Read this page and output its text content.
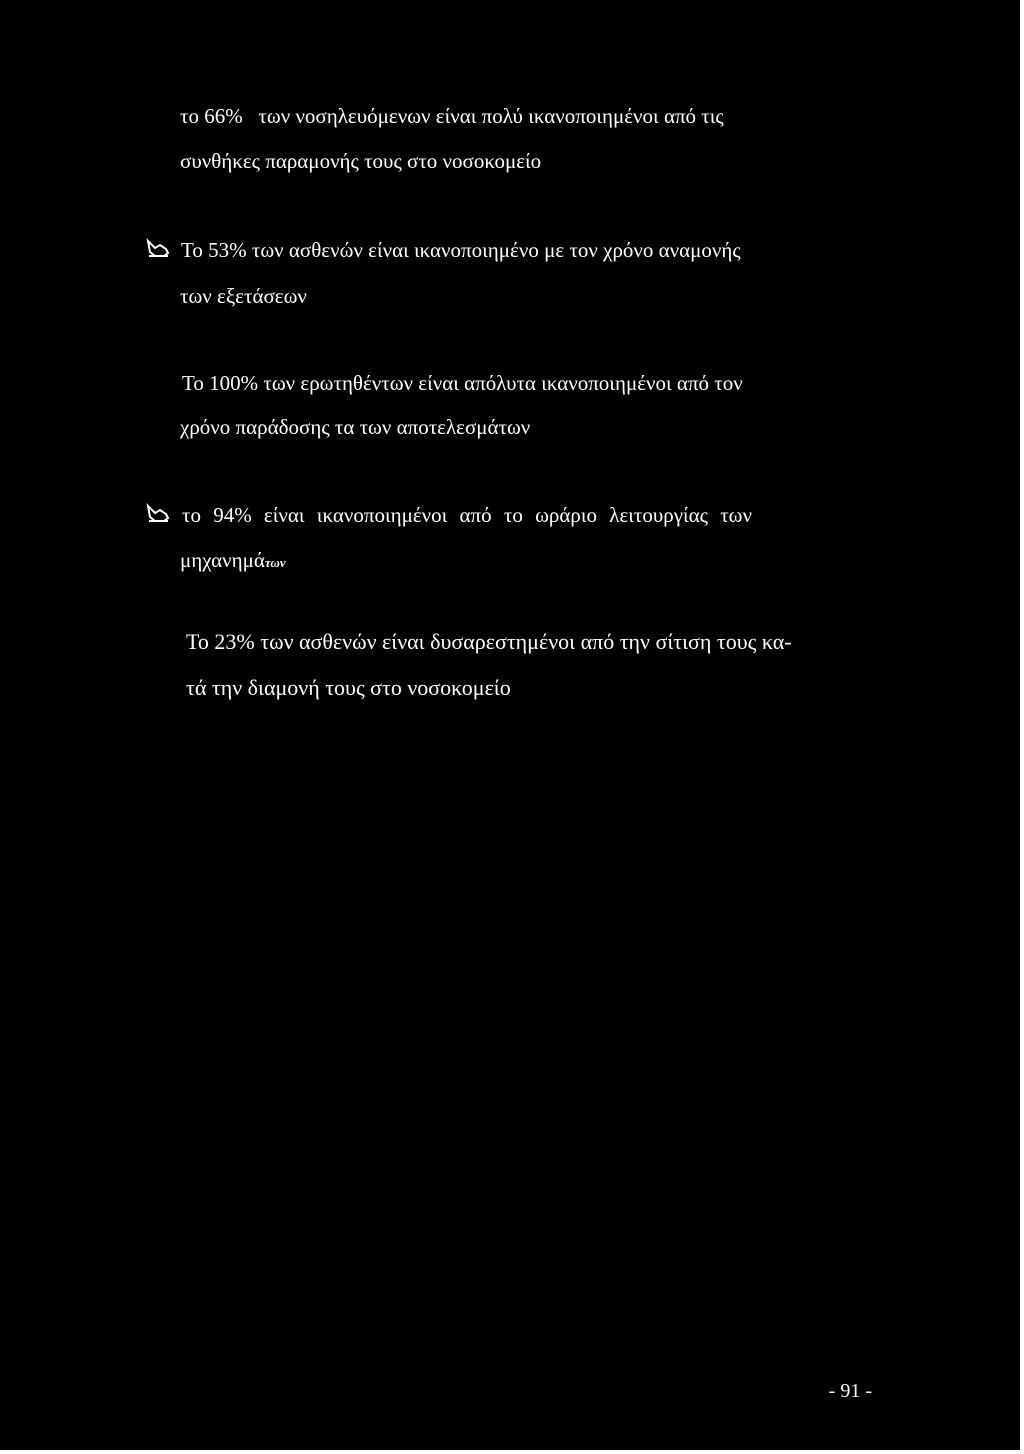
το 66%   των νοσηλευόμενων είναι πολύ ικανοποιημένοι από τις
συνθήκες παραμονής τους στο νοσοκομείο
Το 53% των ασθενών είναι ικανοποιημένο με τον χρόνο αναμονής
των εξετάσεων
Το 100% των ερωτηθέντων είναι απόλυτα ικανοποιημένοι από τον
χρόνο παράδοσης τα των αποτελεσμάτων
το 94% είναι ικανοποιημένοι από το ωράριο λειτουργίας των
μηχανημάτων
Το 23% των ασθενών είναι δυσαρεστημένοι από την σίτιση τους κα-
τά την διαμονή τους στο νοσοκομείο
- 91 -
